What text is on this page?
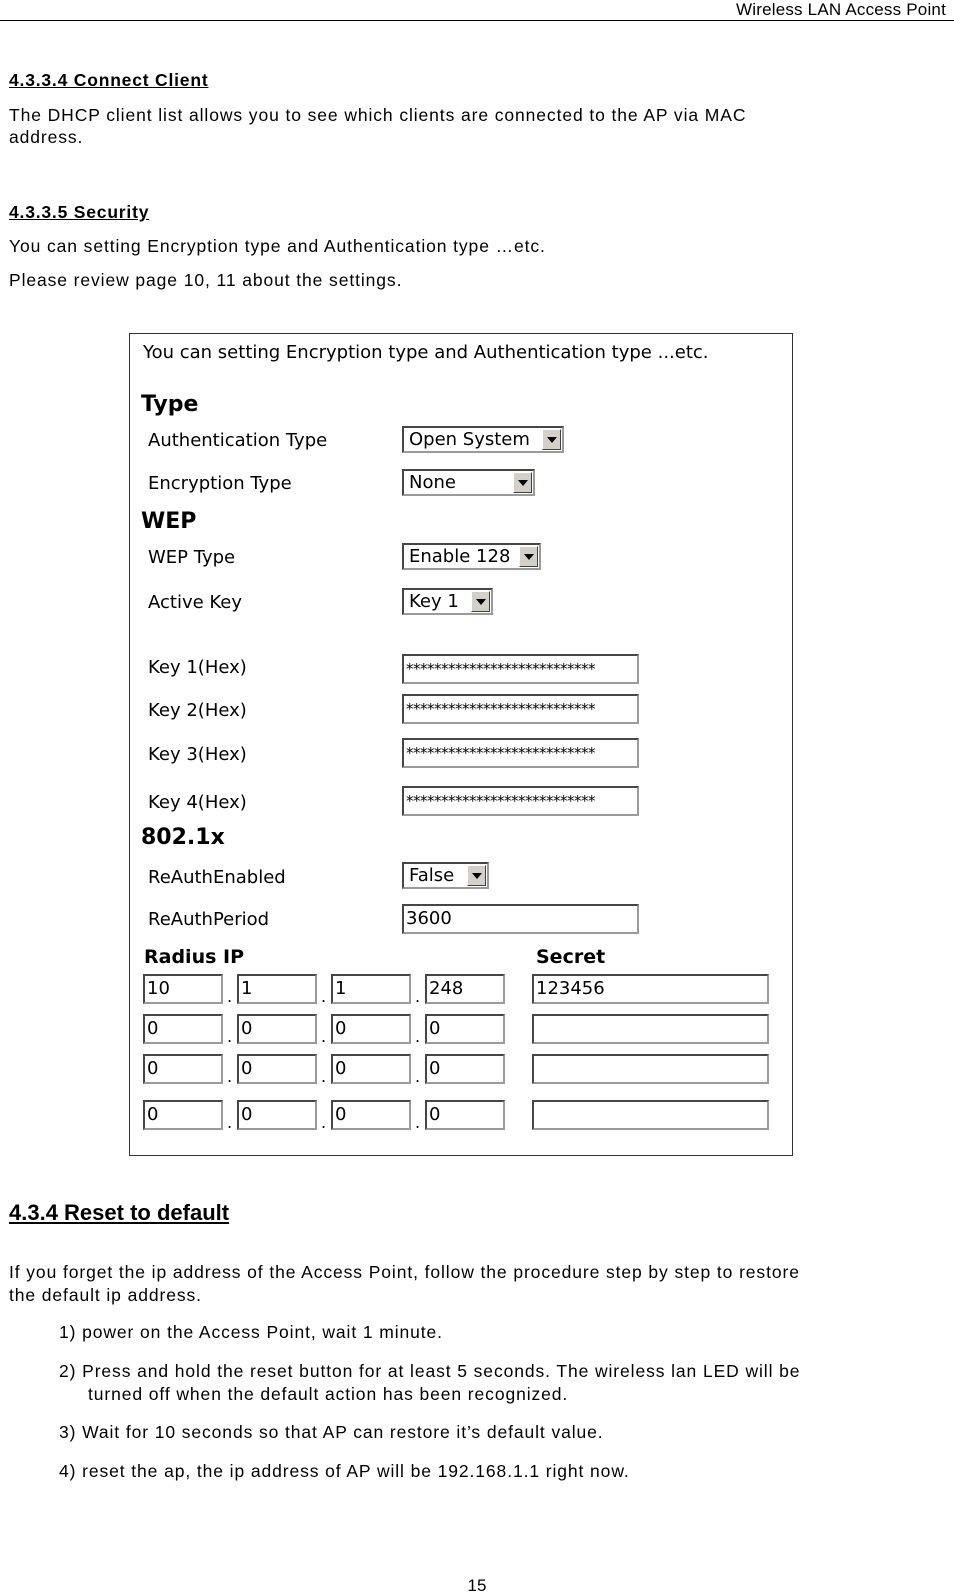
Wireless LAN Access Point
4.3.3.4 Connect Client
The DHCP client list allows you to see which clients are connected to the AP via MAC
address.
4.3.3.5 Security
You can setting Encryption type and Authentication type …etc.
Please review page 10, 11 about the settings.
You can setting Encryption type and Authentication type ...etc.
Type
Authentication Type	Open System
Encryption Type	None
WEP
WEP Type	Enable 128
Active Key	Key 1
Key 1(Hex)	***************************
Key 2(Hex)	***************************
Key 3(Hex)	***************************
Key 4(Hex)	***************************
802.1x
ReAuthEnabled	False
ReAuthPeriod	3600
Radius IP	Secret
10	. 1	. 1	. 248	123456
0	. 0	. 0	. 0
0	. 0	. 0	. 0
0	. 0	. 0	. 0
4.3.4 Reset to default
If you forget the ip address of the Access Point, follow the procedure step by step to restore
the default ip address.
1) power on the Access Point, wait 1 minute.
2) Press and hold the reset button for at least 5 seconds. The wireless lan LED will be
turned off when the default action has been recognized.
3) Wait for 10 seconds so that AP can restore it’s default value.
4) reset the ap, the ip address of AP will be 192.168.1.1 right now.
15
